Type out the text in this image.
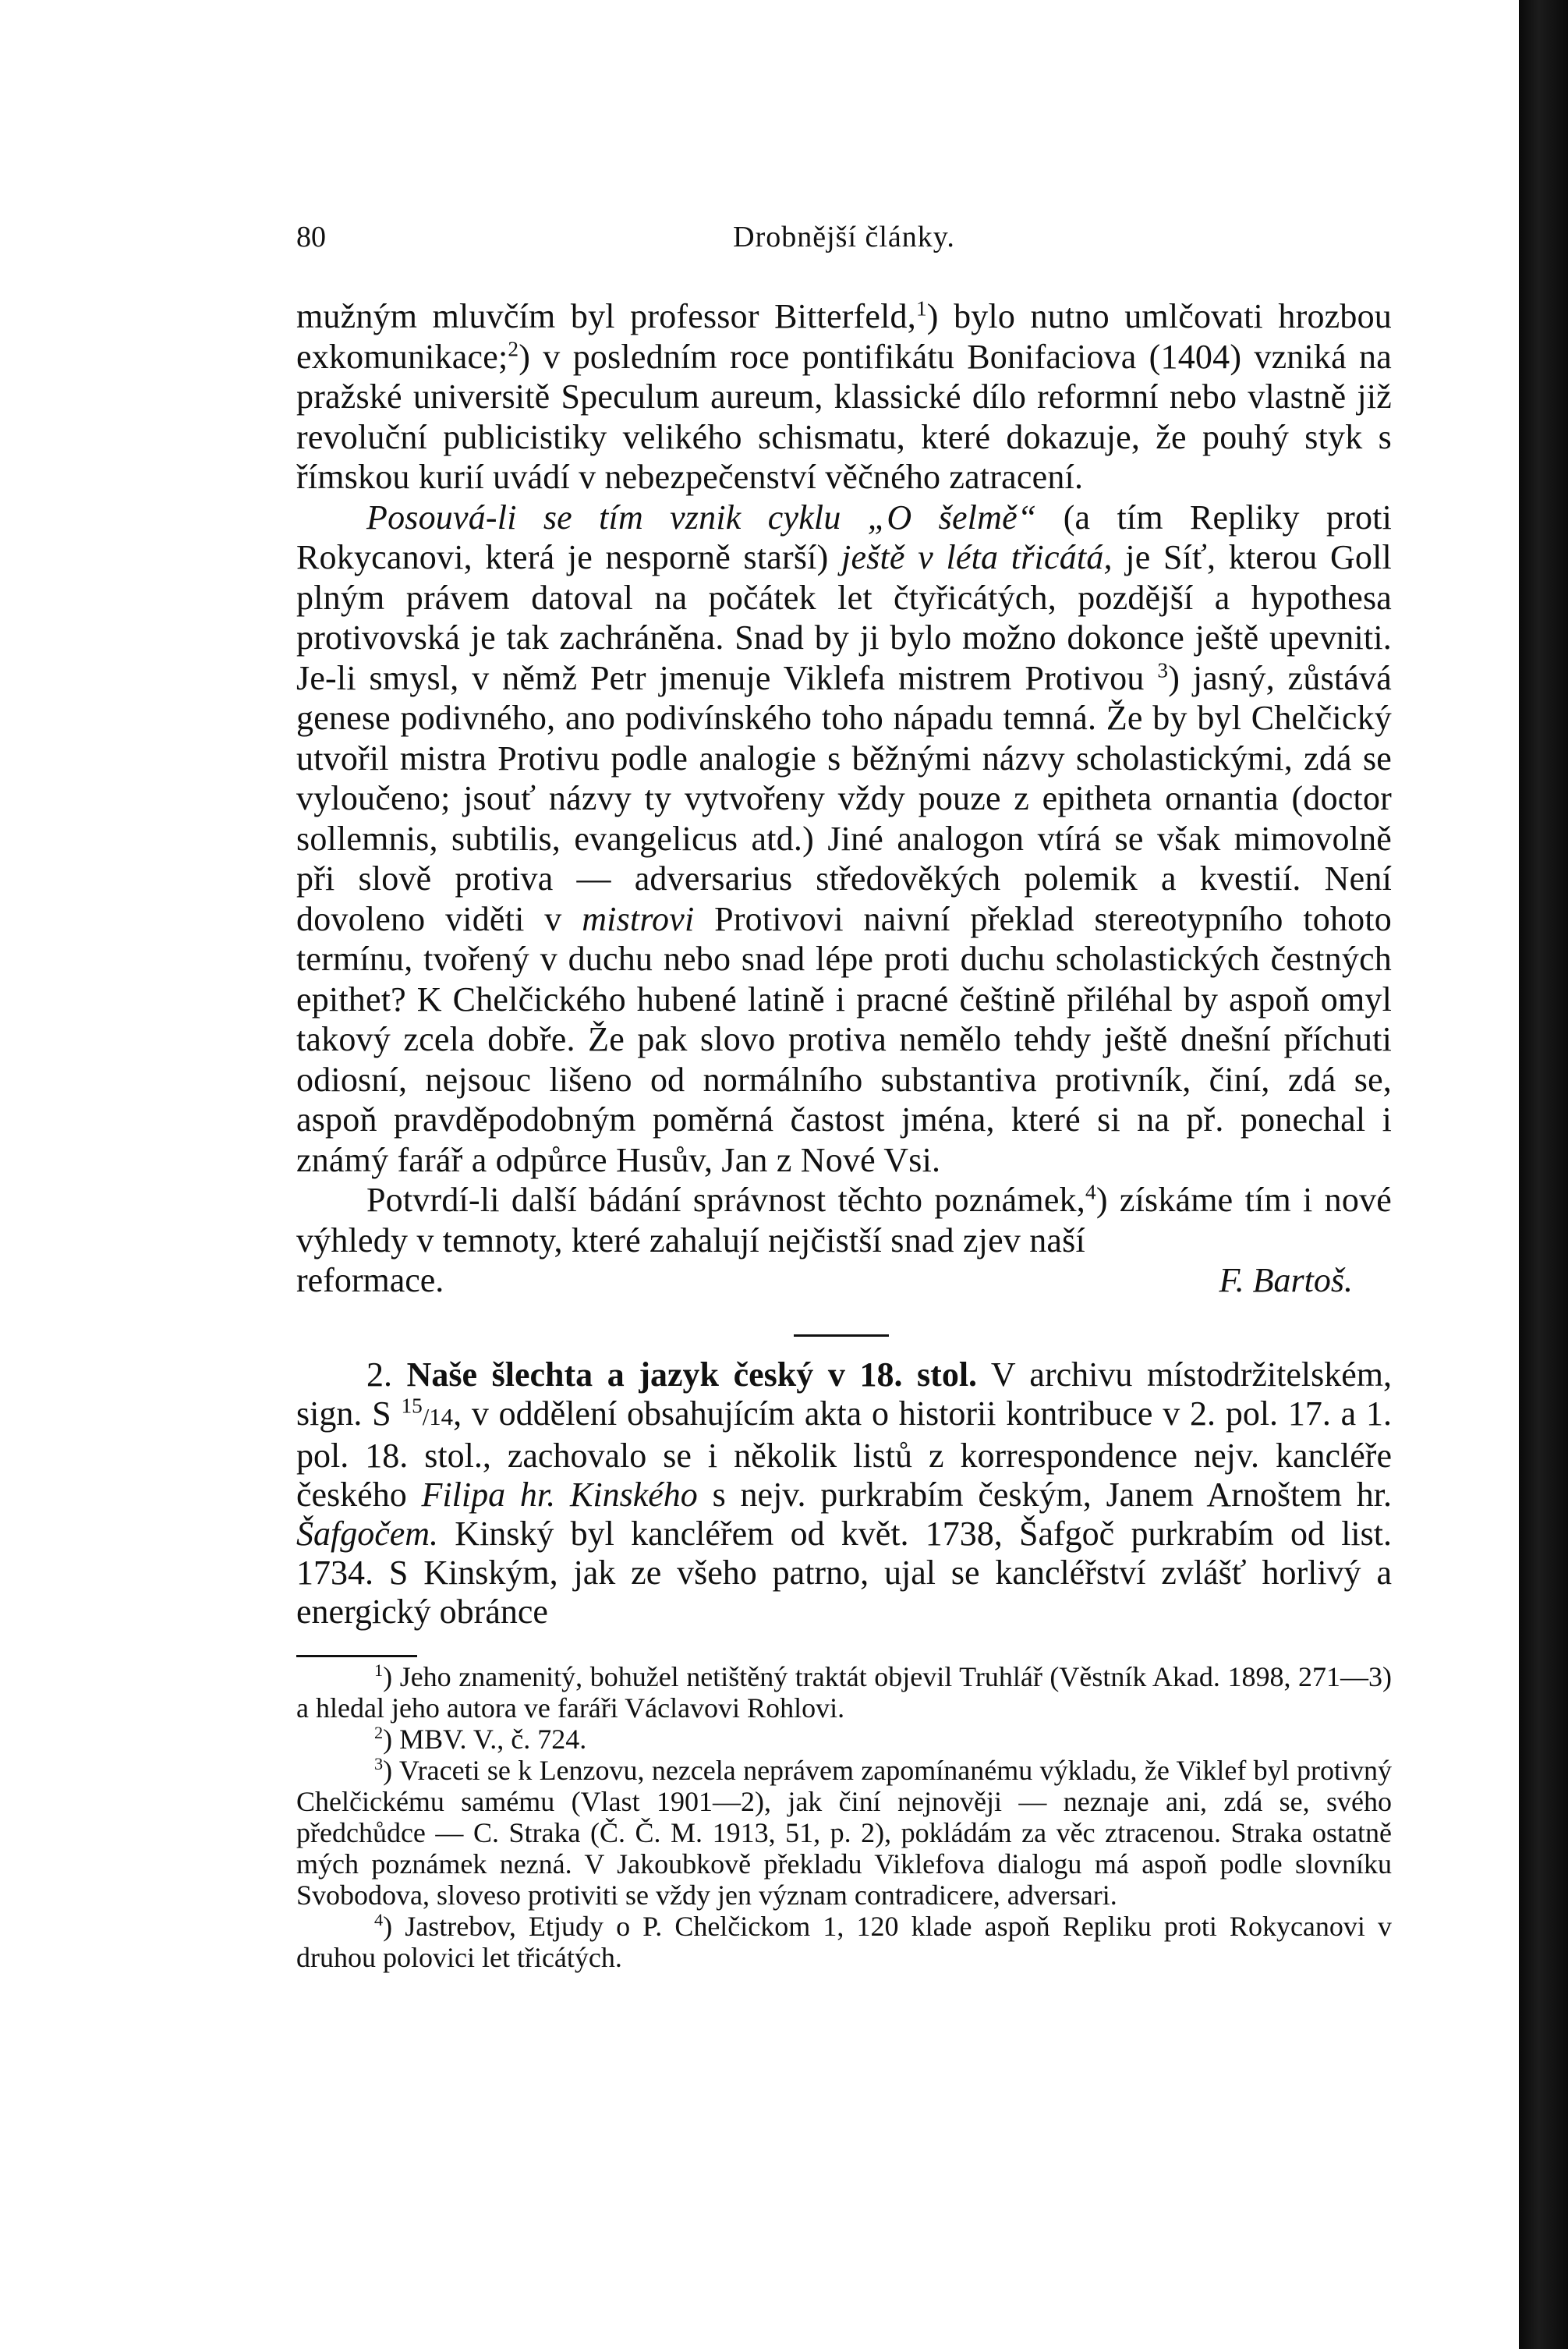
80	Drobnější články.

mužným mluvčím byl professor Bitterfeld,$^1$) bylo nutno umlčovati hrozbou exkomunikace;$^2$) v posledním roce pontifikátu Bonifaciova (1404) vzniká na pražské universitě Speculum aureum, klassické dílo reformní nebo vlastně již revoluční publicistiky velikého schismatu, které dokazuje, že pouhý styk s římskou kurií uvádí v nebezpečenství věčného zatracení.

Posouvá-li se tím vznik cyklu „O šelmě“ (a tím Repliky proti Rokycanovi, která je nesporně starší) ještě v léta třicátá, je Síť, kterou Goll plným právem datoval na počátek let čtyřicátých, pozdější a hypothesa protivovská je tak zachráněna. Snad by ji bylo možno dokonce ještě upevniti. Je-li smysl, v němž Petr jmenuje Viklefa mistrem Protivou $^3$) jasný, zůstává genese podivného, ano podivínského toho nápadu temná. Že by byl Chelčický utvořil mistra Protivu podle analogie s běžnými názvy scholastickými, zdá se vyloučeno; jsouť názvy ty vytvořeny vždy pouze z epitheta ornantia (doctor sollemnis, subtilis, evangelicus atd.) Jiné analogon vtírá se však mimovolně při slově protiva — adversarius středověkých polemik a kvestií. Není dovoleno viděti v mistrovi Protivovi naivní překlad stereotypního tohoto termínu, tvořený v duchu nebo snad lépe proti duchu scholastických čestných epithet? K Chelčického hubené latině i pracné češtině přiléhal by aspoň omyl takový zcela dobře. Že pak slovo protiva nemělo tehdy ještě dnešní příchuti odiosní, nejsouc lišeno od normálního substantiva protivník, činí, zdá se, aspoň pravděpodobným poměrná častost jména, které si na př. ponechal i známý farář a odpůrce Husův, Jan z Nové Vsi.

Potvrdí-li další bádání správnost těchto poznámek,$^4$) získáme tím i nové výhledy v temnoty, které zahalují nejčistší snad zjev naší

reformace.	F. Bartoš.

2. Naše šlechta a jazyk český v 18. stol. V archivu místodržitelském, sign. S $^{15}$/14, v oddělení obsahujícím akta o historii kontribuce v 2. pol. 17. a 1. pol. 18. stol., zachovalo se i několik listů z korrespondence nejv. kancléře českého Filipa hr. Kinského s nejv. purkrabím českým, Janem Arnoštem hr. Šafgočem. Kinský byl kancléřem od květ. 1738, Šafgoč purkrabím od list. 1734. S Kinským, jak ze všeho patrno, ujal se kancléřství zvlášť horlivý a energický obránce

$^1$) Jeho znamenitý, bohužel netištěný traktát objevil Truhlář (Věstník Akad. 1898, 271—3) a hledal jeho autora ve faráři Václavovi Rohlovi.

$^2$) MBV. V., č. 724.

$^3$) Vraceti se k Lenzovu, nezcela neprávem zapomínanému výkladu, že Viklef byl protivný Chelčickému samému (Vlast 1901—2), jak činí nejnověji — neznaje ani, zdá se, svého předchůdce — C. Straka (Č. Č. M. 1913, 51, p. 2), pokládám za věc ztracenou. Straka ostatně mých poznámek nezná. V Jakoubkově překladu Viklefova dialogu má aspoň podle slovníku Svobodova, sloveso protiviti se vždy jen význam contradicere, adversari.

$^4$) Jastrebov, Etjudy o P. Chelčickom 1, 120 klade aspoň Repliku proti Rokycanovi v druhou polovici let třicátých.
